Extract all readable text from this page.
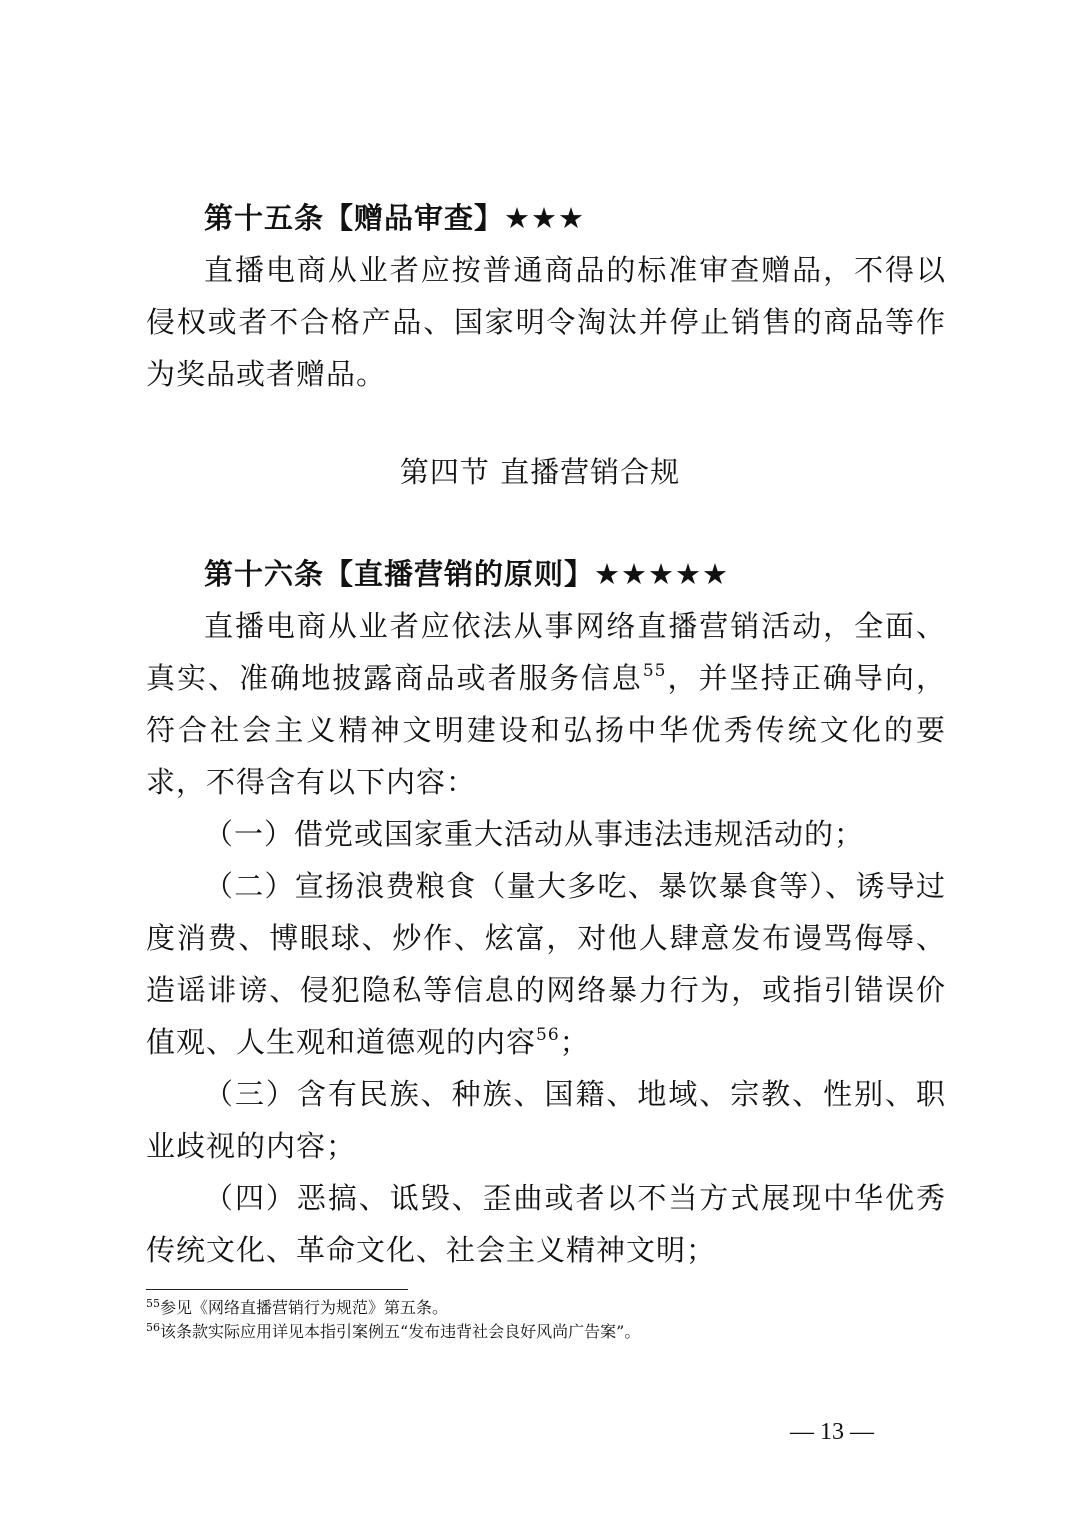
第十五条【赠品审查】★★★

直播电商从业者应按普通商品的标准审查赠品，不得以侵权或者不合格产品、国家明令淘汰并停止销售的商品等作为奖品或者赠品。

第四节 直播营销合规
第十六条【直播营销的原则】★★★★★

直播电商从业者应依法从事网络直播营销活动，全面、真实、准确地披露商品或者服务信息$^{55}$，并坚持正确导向，符合社会主义精神文明建设和弘扬中华优秀传统文化的要求，不得含有以下内容：

（一）借党或国家重大活动从事违法违规活动的；

（二）宣扬浪费粮食（量大多吃、暴饮暴食等）、诱导过度消费、博眼球、炒作、炫富，对他人肆意发布谩骂侮辱、造谣诽谤、侵犯隐私等信息的网络暴力行为，或指引错误价值观、人生观和道德观的内容$^{56}$；

（三）含有民族、种族、国籍、地域、宗教、性别、职业歧视的内容；

（四）恶搞、诋毁、歪曲或者以不当方式展现中华优秀传统文化、革命文化、社会主义精神文明；

$^{55}$参见《网络直播营销行为规范》第五条。
$^{56}$该条款实际应用详见本指引案例五“发布违背社会良好风尚广告案”。
— 13 —
